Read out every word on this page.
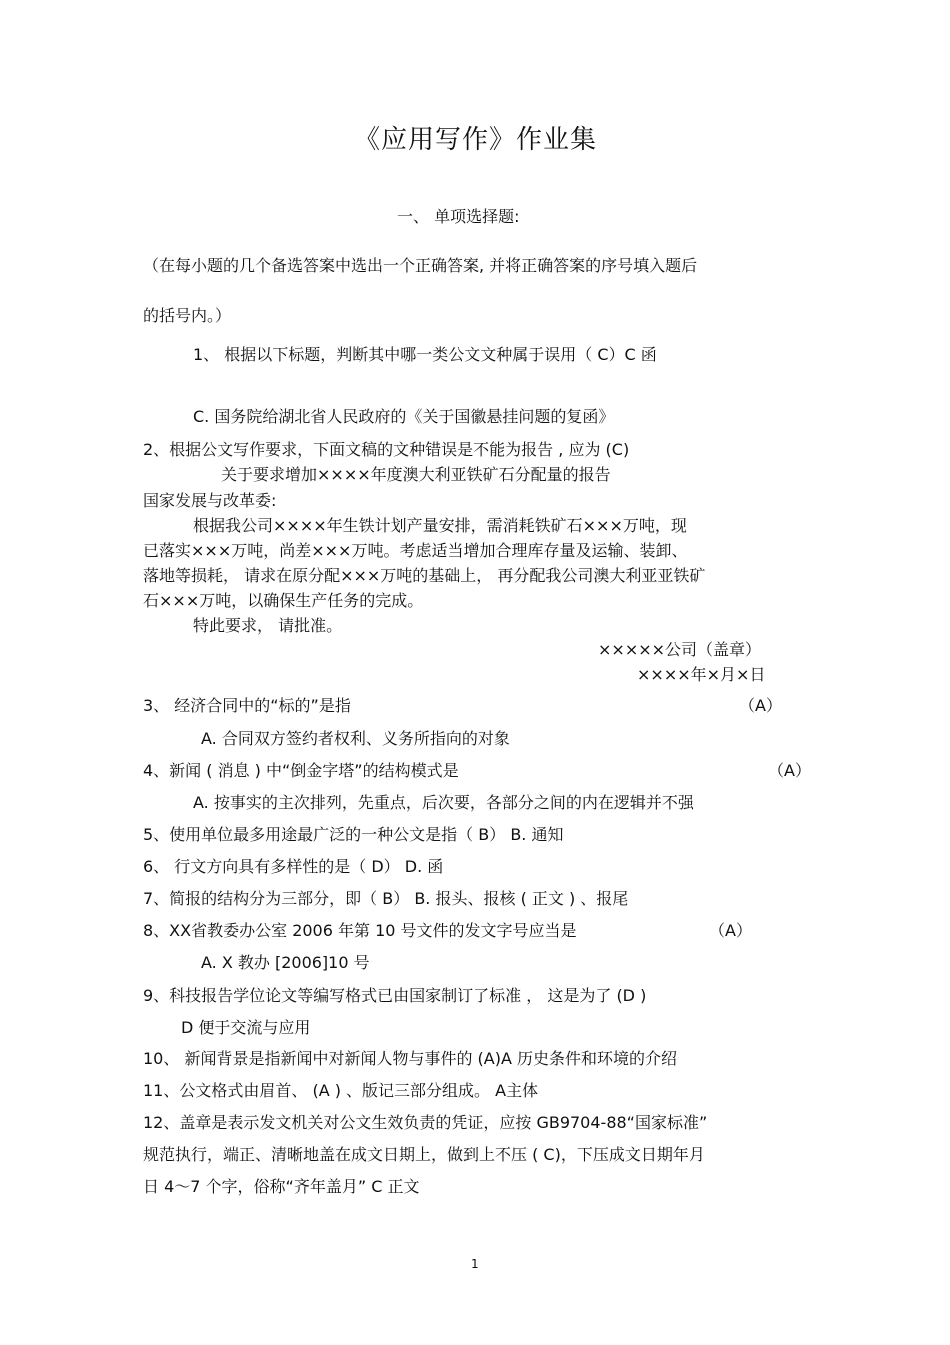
《应用写作》作业集
一、 单项选择题:
（在每小题的几个备选答案中选出一个正确答案, 并将正确答案的序号填入题后
的括号内。）
1、 根据以下标题，判断其中哪一类公文文种属于误用（ C）C 函
C. 国务院给湖北省人民政府的《关于国徽悬挂问题的复函》
2、根据公文写作要求，下面文稿的文种错误是不能为报告 , 应为 (C)
关于要求增加××××年度澳大利亚铁矿石分配量的报告
国家发展与改革委:
根据我公司××××年生铁计划产量安排，需消耗铁矿石×××万吨，现
已落实×××万吨，尚差×××万吨。考虑适当增加合理库存量及运输、装卸、
落地等损耗， 请求在原分配×××万吨的基础上， 再分配我公司澳大利亚亚铁矿
石×××万吨，以确保生产任务的完成。
特此要求， 请批准。
×××××公司（盖章）
××××年×月×日
3、 经济合同中的“标的”是指	（A）
A. 合同双方签约者权利、义务所指向的对象
4、新闻 ( 消息 ) 中“倒金字塔”的结构模式是	（A）
A. 按事实的主次排列，先重点，后次要，各部分之间的内在逻辑并不强
5、使用单位最多用途最广泛的一种公文是指（ B） B. 通知
6、 行文方向具有多样性的是（ D） D. 函
7、简报的结构分为三部分，即（ B） B. 报头、报核 ( 正文 ) 、报尾
8、XX省教委办公室 2006 年第 10 号文件的发文字号应当是	（A）
A. X 教办 [2006]10 号
9、科技报告学位论文等编写格式已由国家制订了标准 ， 这是为了 (D )
D 便于交流与应用
10、 新闻背景是指新闻中对新闻人物与事件的 (A)A 历史条件和环境的介绍
11、公文格式由眉首、 (A ) 、版记三部分组成。 A主体
12、盖章是表示发文机关对公文生效负责的凭证，应按 GB9704-88“国家标准”
规范执行，端正、清晰地盖在成文日期上，做到上不压 ( C)，下压成文日期年月
日 4～7 个字，俗称“齐年盖月” C 正文
1
